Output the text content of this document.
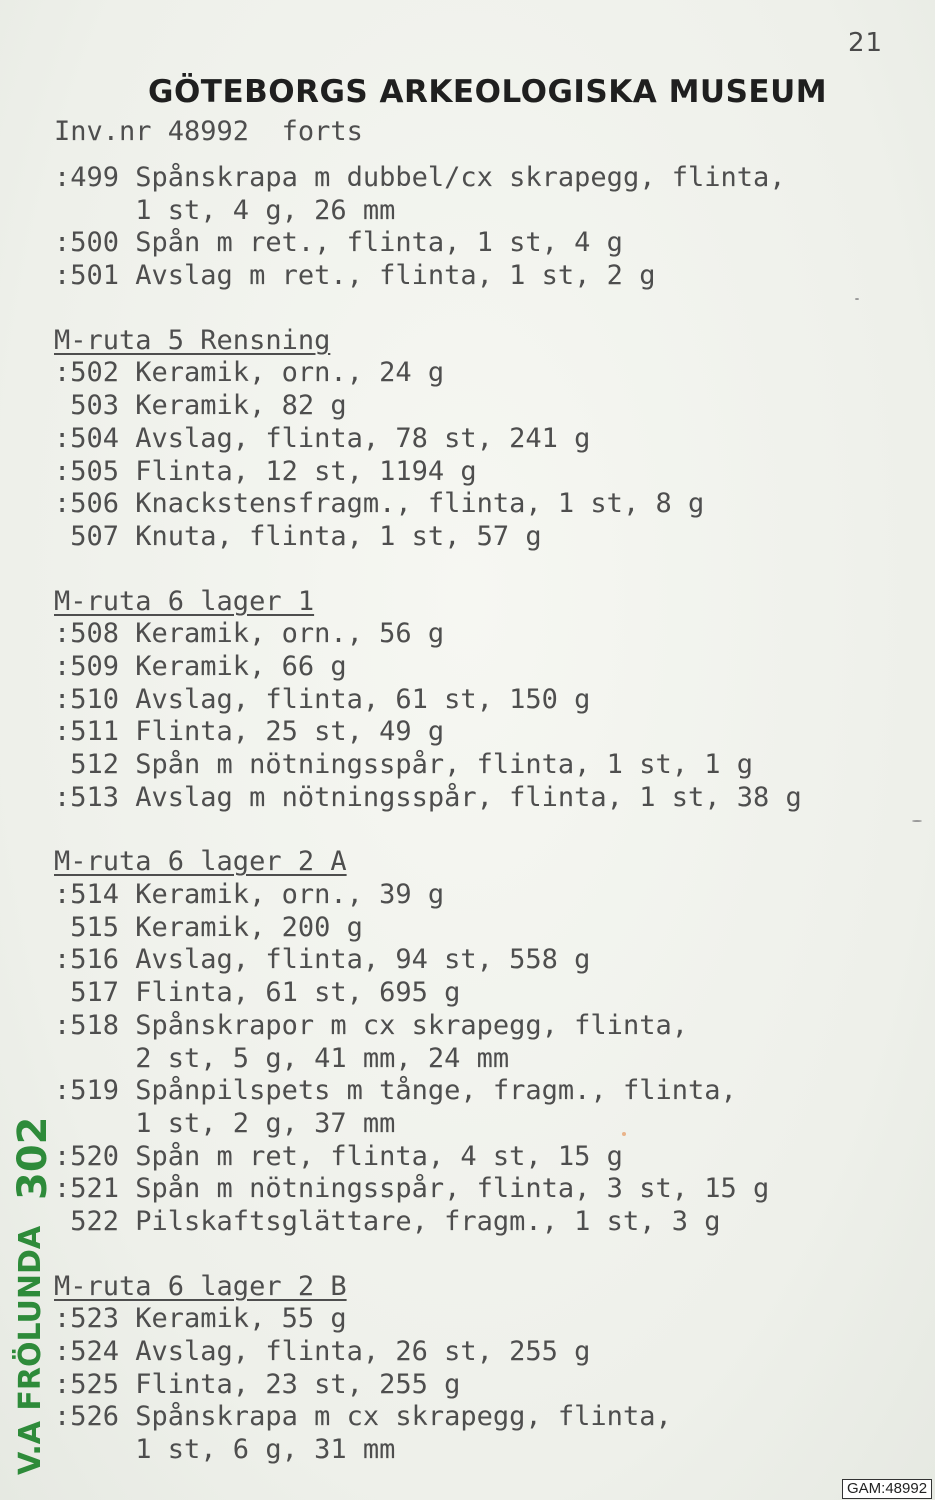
21
GÖTEBORGS ARKEOLOGISKA MUSEUM
Inv.nr 48992  forts
:499 Spånskrapa m dubbel/cx skrapegg, flinta,
1 st, 4 g, 26 mm
:500 Spån m ret., flinta, 1 st, 4 g
:501 Avslag m ret., flinta, 1 st, 2 g
M-ruta 5 Rensning
:502 Keramik, orn., 24 g
503 Keramik, 82 g
:504 Avslag, flinta, 78 st, 241 g
:505 Flinta, 12 st, 1194 g
:506 Knackstensfragm., flinta, 1 st, 8 g
507 Knuta, flinta, 1 st, 57 g
M-ruta 6 lager 1
:508 Keramik, orn., 56 g
:509 Keramik, 66 g
:510 Avslag, flinta, 61 st, 150 g
:511 Flinta, 25 st, 49 g
512 Spån m nötningsspår, flinta, 1 st, 1 g
:513 Avslag m nötningsspår, flinta, 1 st, 38 g
M-ruta 6 lager 2 A
:514 Keramik, orn., 39 g
515 Keramik, 200 g
:516 Avslag, flinta, 94 st, 558 g
517 Flinta, 61 st, 695 g
:518 Spånskrapor m cx skrapegg, flinta,
2 st, 5 g, 41 mm, 24 mm
:519 Spånpilspets m tånge, fragm., flinta,
1 st, 2 g, 37 mm
:520 Spån m ret, flinta, 4 st, 15 g
:521 Spån m nötningsspår, flinta, 3 st, 15 g
522 Pilskaftsglättare, fragm., 1 st, 3 g
M-ruta 6 lager 2 B
:523 Keramik, 55 g
:524 Avslag, flinta, 26 st, 255 g
:525 Flinta, 23 st, 255 g
:526 Spånskrapa m cx skrapegg, flinta,
1 st, 6 g, 31 mm
V.A FRÖLUNDA
302
GAM:48992
